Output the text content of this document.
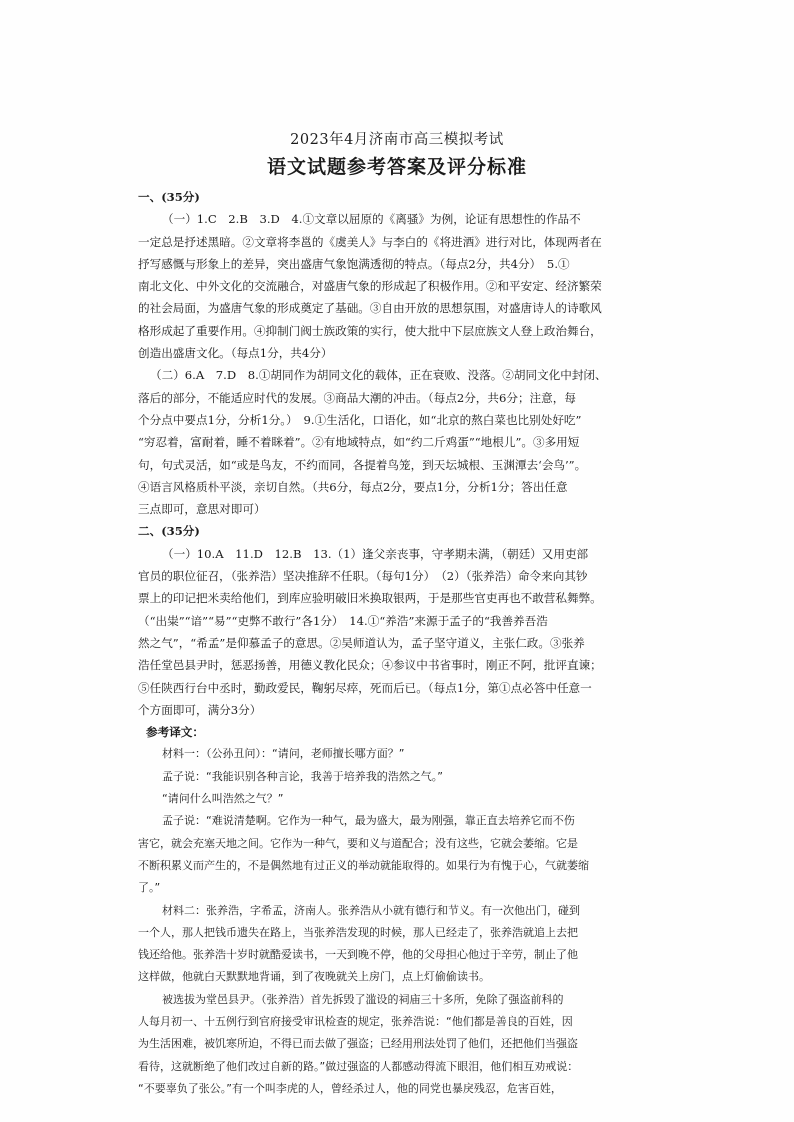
2023年4月济南市高三模拟考试
语文试题参考答案及评分标准
一、(35分)
（一）1.C　2.B　3.D　4.①文章以屈原的《离骚》为例，论证有思想性的作品不
一定总是抒述黑暗。②文章将李邕的《虞美人》与李白的《将进酒》进行对比，体现两者在
抒写感慨与形象上的差异，突出盛唐气象饱满透彻的特点。（每点2分，共4分）　5.①
南北文化、中外文化的交流融合，对盛唐气象的形成起了积极作用。②和平安定、经济繁荣
的社会局面，为盛唐气象的形成奠定了基础。③自由开放的思想氛围，对盛唐诗人的诗歌风
格形成起了重要作用。④抑制门阀士族政策的实行，使大批中下层庶族文人登上政治舞台，
创造出盛唐文化。（每点1分，共4分）
（二）6.A　7.D　8.①胡同作为胡同文化的载体，正在衰败、没落。②胡同文化中封闭、
落后的部分，不能适应时代的发展。③商品大潮的冲击。（每点2分，共6分；注意，每
个分点中要点1分，分析1分。）　9.①生活化，口语化，如“北京的熬白菜也比别处好吃”
“穷忍着，富耐着，睡不着眯着”。②有地域特点，如“约二斤鸡蛋”“地根儿”。③多用短
句，句式灵活，如“或是鸟友，不约而同，各提着鸟笼，到天坛城根、玉渊潭去‘会鸟’”。
④语言风格质朴平淡，亲切自然。（共6分，每点2分，要点1分，分析1分；答出任意
三点即可，意思对即可）
二、(35分)
（一）10.A　11.D　12.B　13.（1）逢父亲丧事，守孝期未满，（朝廷）又用吏部
官员的职位征召，（张养浩）坚决推辞不任职。（每句1分）　（2）（张养浩）命令来向其钞
票上的印记把米卖给他们，到库应验明破旧米换取银两，于是那些官吏再也不敢营私舞弊。
（“出粜”“谙”“易”“吏弊不敢行”各1分）　14.①“养浩”来源于孟子的“我善养吾浩
然之气”，“希孟”是仰慕孟子的意思。②吴师道认为，孟子坚守道义，主张仁政。③张养
浩任堂邑县尹时，惩恶扬善，用德义教化民众；④参议中书省事时，刚正不阿，批评直谏；
⑤任陕西行台中丞时，勤政爱民，鞠躬尽瘁，死而后已。（每点1分，第①点必答中任意一
个方面即可，满分3分）
参考译文：
材料一：（公孙丑问）：“请问，老师擅长哪方面？”
孟子说：“我能识别各种言论，我善于培养我的浩然之气。”
“请问什么叫浩然之气？”
孟子说：“难说清楚啊。它作为一种气，最为盛大，最为刚强，靠正直去培养它而不伤
害它，就会充塞天地之间。它作为一种气，要和义与道配合；没有这些，它就会萎缩。它是
不断积累义而产生的，不是偶然地有过正义的举动就能取得的。如果行为有愧于心，气就萎缩
了。”
材料二：张养浩，字希孟，济南人。张养浩从小就有德行和节义。有一次他出门，碰到
一个人，那人把钱币遗失在路上，当张养浩发现的时候，那人已经走了，张养浩就追上去把
钱还给他。张养浩十岁时就酷爱读书，一天到晚不停，他的父母担心他过于辛劳，制止了他
这样做，他就白天默默地背诵，到了夜晚就关上房门，点上灯偷偷读书。
被选拔为堂邑县尹。（张养浩）首先拆毁了滥设的祠庙三十多所，免除了强盗前科的
人每月初一、十五例行到官府接受审讯检查的规定，张养浩说：“他们都是善良的百姓，因
为生活困难，被饥寒所迫，不得已而去做了强盗；已经用刑法处罚了他们，还把他们当强盗
看待，这就断绝了他们改过自新的路。”做过强盗的人都感动得流下眼泪，他们相互劝戒说：
“不要辜负了张公。”有一个叫李虎的人，曾经杀过人，他的同党也暴戾残忍，危害百姓，
